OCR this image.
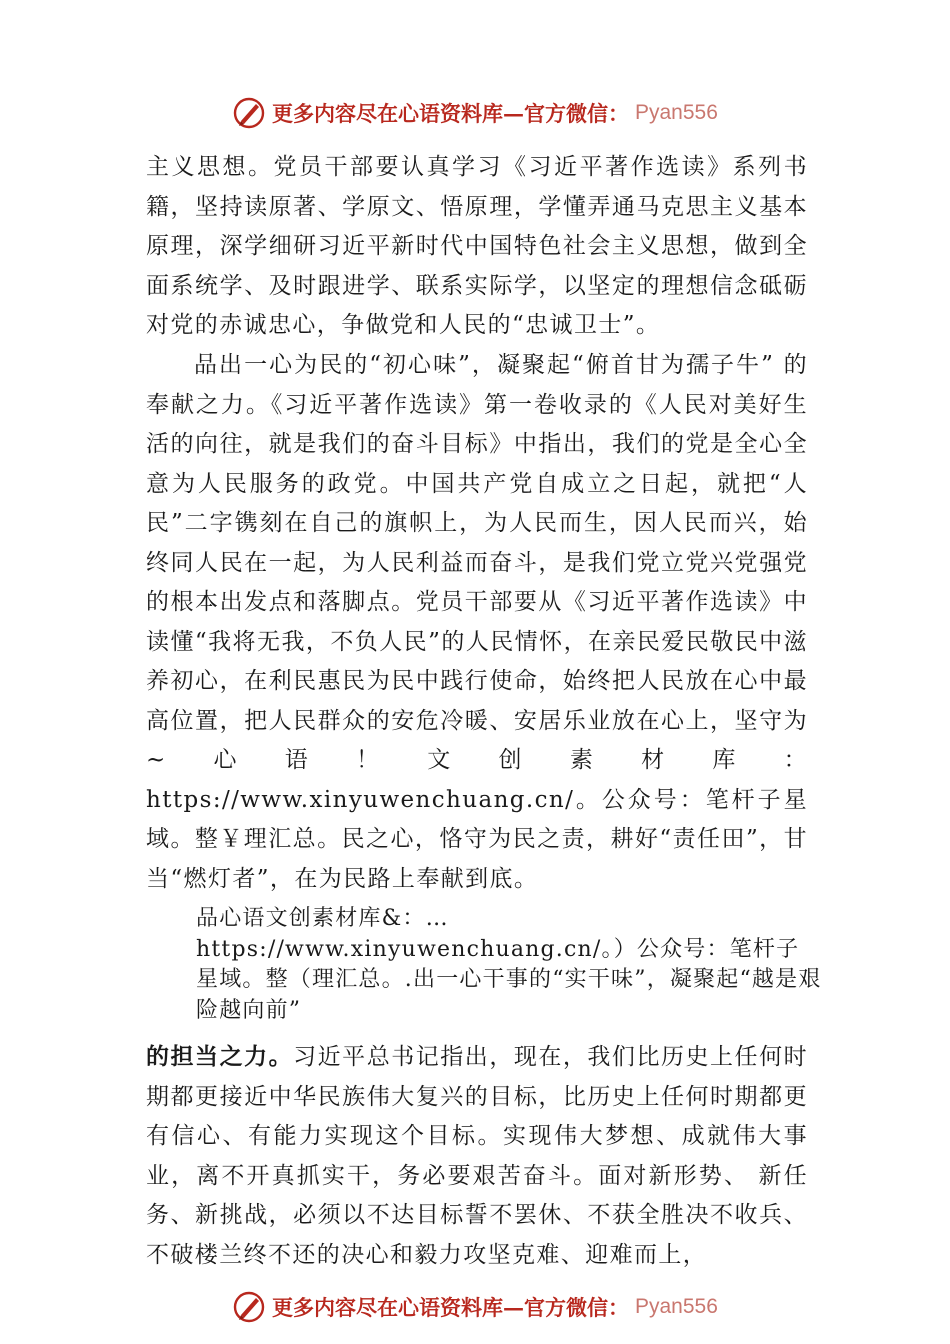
更多内容尽在心语资料库—官方微信： Pyan556

主义思想。党员干部要认真学习《习近平著作选读》系列书籍，坚持读原著、学原文、悟原理，学懂弄通马克思主义基本原理，深学细研习近平新时代中国特色社会主义思想，做到全面系统学、及时跟进学、联系实际学，以坚定的理想信念砥砺对党的赤诚忠心，争做党和人民的“忠诚卫士”。

品出一心为民的“初心味”，凝聚起“俯首甘为孺子牛” 的奉献之力。《习近平著作选读》第一卷收录的《人民对美好生活的向往，就是我们的奋斗目标》中指出，我们的党是全心全意为人民服务的政党。中国共产党自成立之日起，就把“人民”二字镌刻在自己的旗帜上，为人民而生，因人民而兴，始终同人民在一起，为人民利益而奋斗，是我们党立党兴党强党的根本出发点和落脚点。党员干部要从《习近平著作选读》中读懂“我将无我，不负人民”的人民情怀，在亲民爱民敬民中滋养初心，在利民惠民为民中践行使命，始终把人民放在心中最高位置，把人民群众的安危冷暖、安居乐业放在心上，坚守为~心语！文创素材库：https://www.xinyuwenchuang.cn/。公众号：笔杆子星域。整￥理汇总。民之心，恪守为民之责，耕好“责任田”，甘当“燃灯者”，在为民路上奉献到底。

品心语文创素材库&：…https://www.xinyuwenchuang.cn/。）公众号：笔杆子星域。整（理汇总。.出一心干事的“实干味”，凝聚起“越是艰险越向前”

的担当之力。习近平总书记指出，现在，我们比历史上任何时期都更接近中华民族伟大复兴的目标，比历史上任何时期都更有信心、有能力实现这个目标。实现伟大梦想、成就伟大事业，离不开真抓实干，务必要艰苦奋斗。面对新形势、 新任务、新挑战，必须以不达目标誓不罢休、不获全胜决不收兵、不破楼兰终不还的决心和毅力攻坚克难、迎难而上，

更多内容尽在心语资料库—官方微信： Pyan556
